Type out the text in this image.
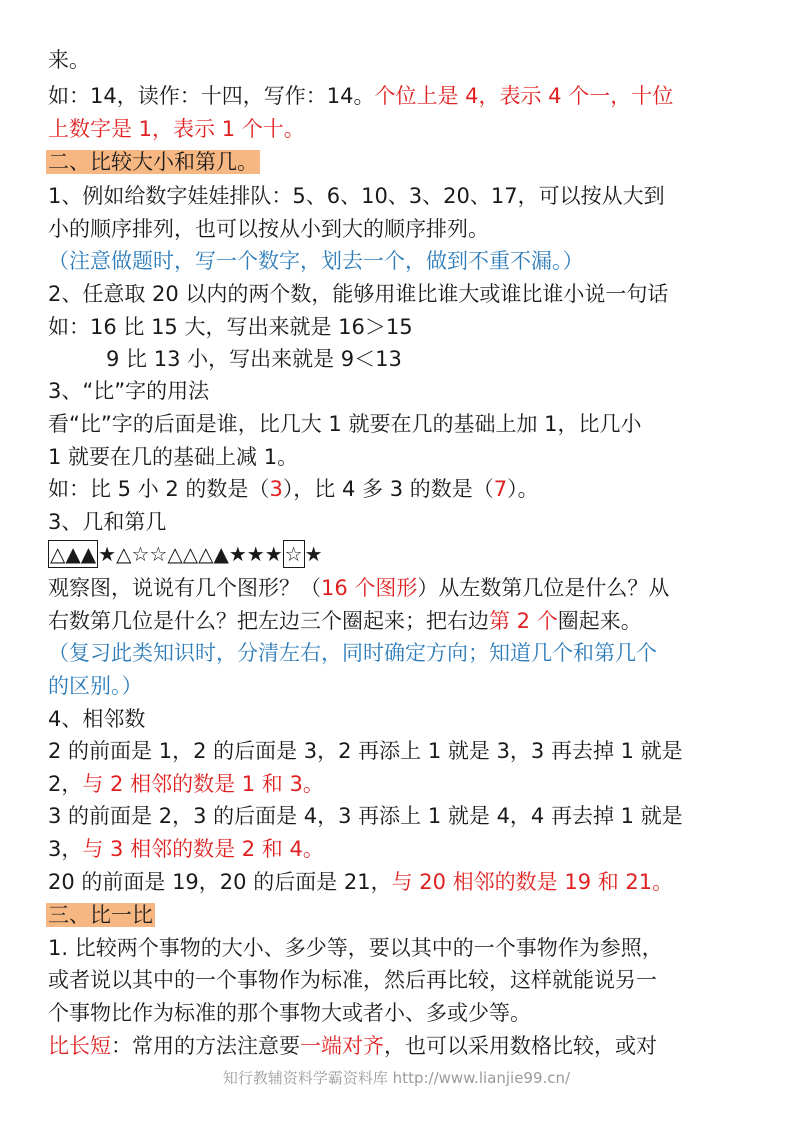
来。
如：14，读作：十四，写作：14。个位上是 4，表示 4 个一，十位
上数字是 1，表示 1 个十。
二、比较大小和第几。
1、例如给数字娃娃排队：5、6、10、3、20、17，可以按从大到
小的顺序排列，也可以按从小到大的顺序排列。
（注意做题时，写一个数字，划去一个，做到不重不漏。）
2、任意取 20 以内的两个数，能够用谁比谁大或谁比谁小说一句话
如：16 比 15 大，写出来就是 16＞15
9 比 13 小，写出来就是 9＜13
3、“比”字的用法
看“比”字的后面是谁，比几大 1 就要在几的基础上加 1，比几小
1 就要在几的基础上减 1。
如：比 5 小 2 的数是（3），比 4 多 3 的数是（7）。
3、几和第几
△▲▲ ★△☆☆△△△▲★★★ ☆ ★
观察图，说说有几个图形？（16 个图形）从左数第几位是什么？从
右数第几位是什么？把左边三个圈起来；把右边第 2 个圈起来。
（复习此类知识时，分清左右，同时确定方向；知道几个和第几个
的区别。）
4、相邻数
2 的前面是 1，2 的后面是 3，2 再添上 1 就是 3，3 再去掉 1 就是
2，与 2 相邻的数是 1 和 3。
3 的前面是 2，3 的后面是 4，3 再添上 1 就是 4，4 再去掉 1 就是
3，与 3 相邻的数是 2 和 4。
20 的前面是 19，20 的后面是 21，与 20 相邻的数是 19 和 21。
三、比一比
1. 比较两个事物的大小、多少等，要以其中的一个事物作为参照，
或者说以其中的一个事物作为标准，然后再比较，这样就能说另一
个事物比作为标准的那个事物大或者小、多或少等。
比长短：常用的方法注意要一端对齐，也可以采用数格比较，或对
知行教辅资料学霸资料库 http://www.lianjie99.cn/
